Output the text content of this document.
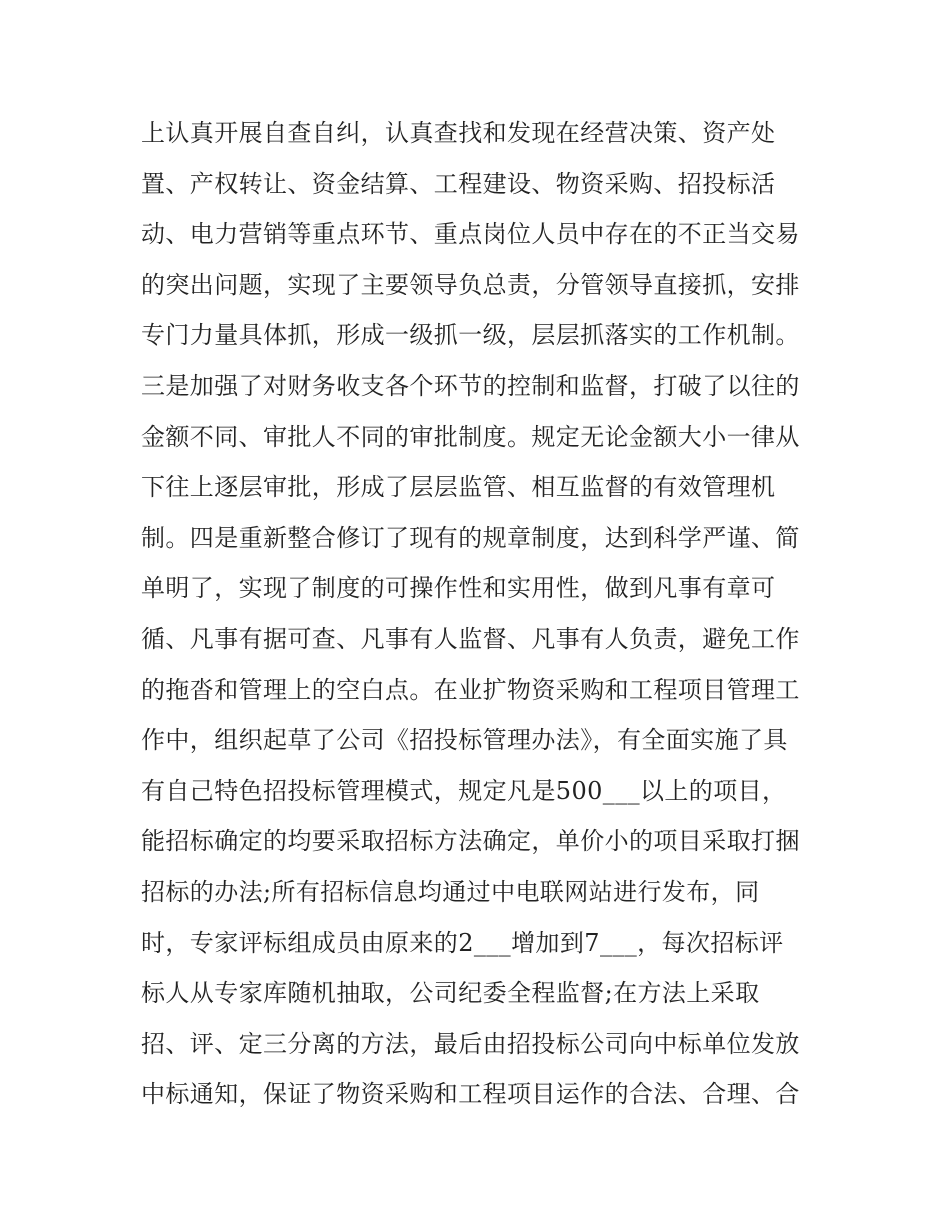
上认真开展自查自纠，认真查找和发现在经营决策、资产处
置、产权转让、资金结算、工程建设、物资采购、招投标活
动、电力营销等重点环节、重点岗位人员中存在的不正当交易
的突出问题，实现了主要领导负总责，分管领导直接抓，安排
专门力量具体抓，形成一级抓一级，层层抓落实的工作机制。
三是加强了对财务收支各个环节的控制和监督，打破了以往的
金额不同、审批人不同的审批制度。规定无论金额大小一律从
下往上逐层审批，形成了层层监管、相互监督的有效管理机
制。四是重新整合修订了现有的规章制度，达到科学严谨、简
单明了，实现了制度的可操作性和实用性，做到凡事有章可
循、凡事有据可查、凡事有人监督、凡事有人负责，避免工作
的拖沓和管理上的空白点。在业扩物资采购和工程项目管理工
作中，组织起草了公司《招投标管理办法》，有全面实施了具
有自己特色招投标管理模式，规定凡是500___以上的项目，
能招标确定的均要采取招标方法确定，单价小的项目采取打捆
招标的办法;所有招标信息均通过中电联网站进行发布，同
时，专家评标组成员由原来的2___增加到7___，每次招标评
标人从专家库随机抽取，公司纪委全程监督;在方法上采取
招、评、定三分离的方法，最后由招投标公司向中标单位发放
中标通知，保证了物资采购和工程项目运作的合法、合理、合
